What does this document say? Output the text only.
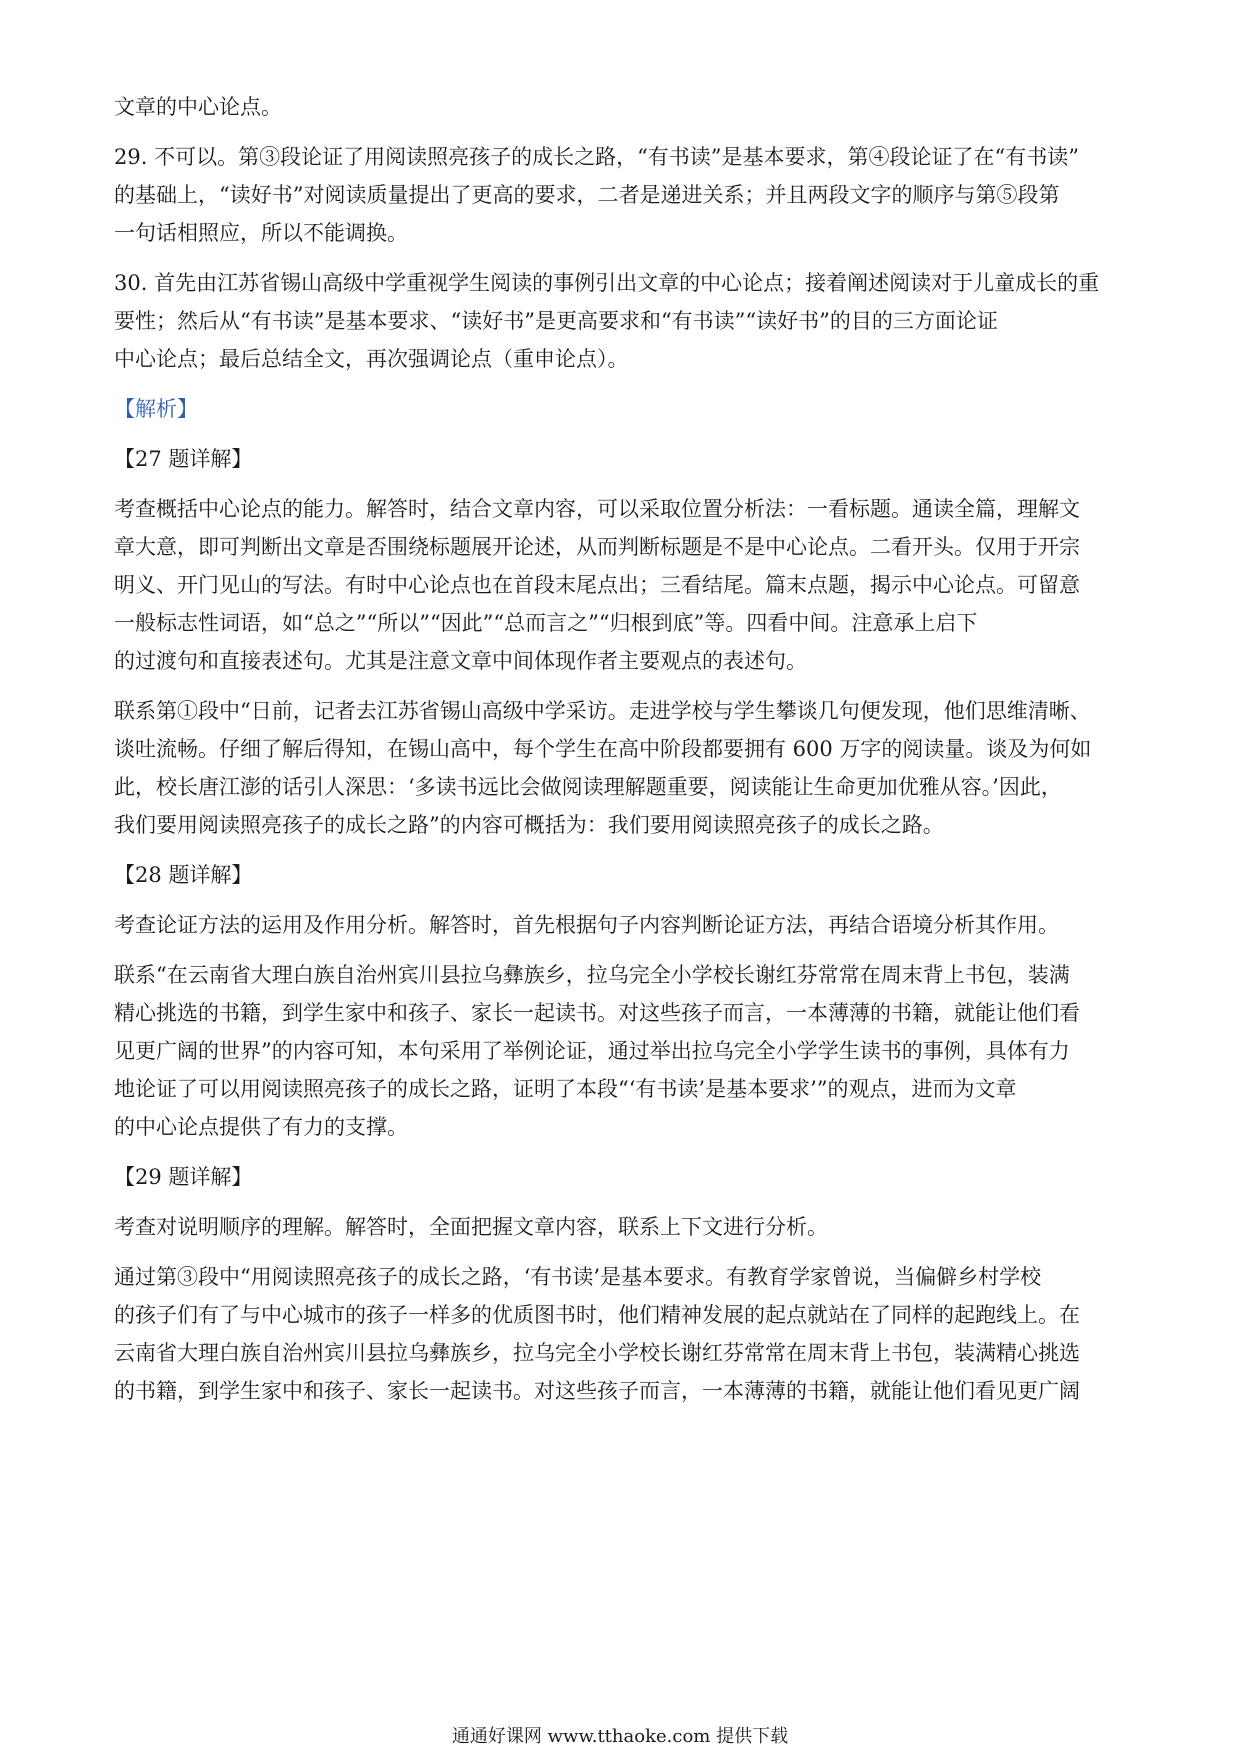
文章的中心论点。
29. 不可以。第③段论证了用阅读照亮孩子的成长之路，“有书读”是基本要求，第④段论证了在“有书读”
的基础上，“读好书”对阅读质量提出了更高的要求，二者是递进关系；并且两段文字的顺序与第⑤段第
一句话相照应，所以不能调换。
30. 首先由江苏省锡山高级中学重视学生阅读的事例引出文章的中心论点；接着阐述阅读对于儿童成长的重
要性；然后从“有书读”是基本要求、“读好书”是更高要求和“有书读”“读好书”的目的三方面论证
中心论点；最后总结全文，再次强调论点（重申论点）。
【解析】
【27 题详解】
考查概括中心论点的能力。解答时，结合文章内容，可以采取位置分析法：一看标题。通读全篇，理解文
章大意，即可判断出文章是否围绕标题展开论述，从而判断标题是不是中心论点。二看开头。仅用于开宗
明义、开门见山的写法。有时中心论点也在首段末尾点出；三看结尾。篇末点题，揭示中心论点。可留意
一般标志性词语，如“总之”“所以”“因此”“总而言之”“归根到底”等。四看中间。注意承上启下
的过渡句和直接表述句。尤其是注意文章中间体现作者主要观点的表述句。
联系第①段中“日前，记者去江苏省锡山高级中学采访。走进学校与学生攀谈几句便发现，他们思维清晰、
谈吐流畅。仔细了解后得知，在锡山高中，每个学生在高中阶段都要拥有 600 万字的阅读量。谈及为何如
此，校长唐江澎的话引人深思：‘多读书远比会做阅读理解题重要，阅读能让生命更加优雅从容。’因此，
我们要用阅读照亮孩子的成长之路”的内容可概括为：我们要用阅读照亮孩子的成长之路。
【28 题详解】
考查论证方法的运用及作用分析。解答时，首先根据句子内容判断论证方法，再结合语境分析其作用。
联系“在云南省大理白族自治州宾川县拉乌彝族乡，拉乌完全小学校长谢红芬常常在周末背上书包，装满
精心挑选的书籍，到学生家中和孩子、家长一起读书。对这些孩子而言，一本薄薄的书籍，就能让他们看
见更广阔的世界”的内容可知，本句采用了举例论证，通过举出拉乌完全小学学生读书的事例，具体有力
地论证了可以用阅读照亮孩子的成长之路，证明了本段“‘有书读’是基本要求’”的观点，进而为文章
的中心论点提供了有力的支撑。
【29 题详解】
考查对说明顺序的理解。解答时，全面把握文章内容，联系上下文进行分析。
通过第③段中“用阅读照亮孩子的成长之路，‘有书读’是基本要求。有教育学家曾说，当偏僻乡村学校
的孩子们有了与中心城市的孩子一样多的优质图书时，他们精神发展的起点就站在了同样的起跑线上。在
云南省大理白族自治州宾川县拉乌彝族乡，拉乌完全小学校长谢红芬常常在周末背上书包，装满精心挑选
的书籍，到学生家中和孩子、家长一起读书。对这些孩子而言，一本薄薄的书籍，就能让他们看见更广阔
通通好课网 www.tthaoke.com 提供下载
